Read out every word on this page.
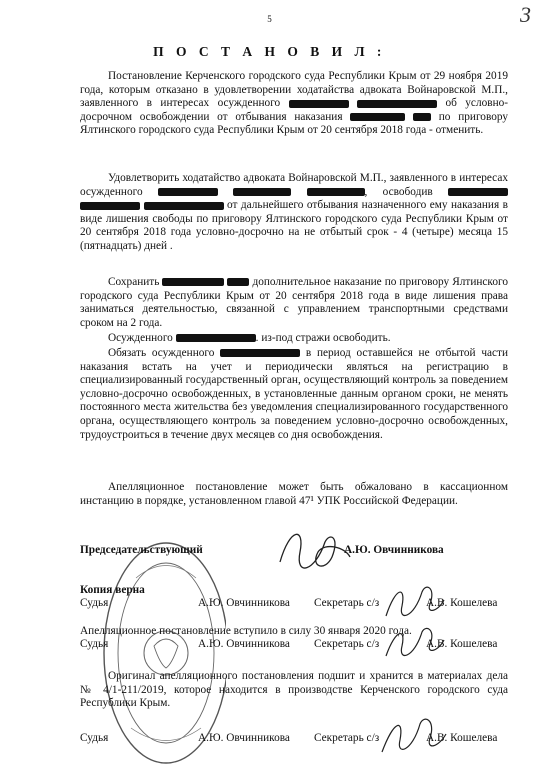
5	3
П О С Т А Н О В И Л :

Постановление Керченского городского суда Республики Крым от 29 ноября 2019 года, которым отказано в удовлетворении ходатайства адвоката Войнаровской М.П., заявленного в интересах осужденного	об условно-досрочном освобождении от отбывания наказания	по приговору Ялтинского городского суда Республики Крым от 20 сентября 2018 года - отменить.

Удовлетворить ходатайство адвоката Войнаровской М.П., заявленного в интересах осужденного	, освободив    от дальнейшего отбывания назначенного ему наказания в виде лишения свободы по приговору Ялтинского городского суда Республики Крым от 20 сентября 2018 года условно-досрочно на не отбытый срок - 4 (четыре) месяца 15 (пятнадцать) дней .

Сохранить	дополнительное наказание по приговору Ялтинского городского суда Республики Крым от 20 сентября 2018 года в виде лишения права заниматься деятельностью, связанной с управлением транспортными средствами сроком на 2 года.

Осужденного	. из-под стражи освободить.

Обязать осужденного	в период оставшейся не отбытой части наказания встать на учет и периодически являться на регистрацию в специализированный государственный орган, осуществляющий контроль за поведением условно-досрочно освобожденных, в установленные данным органом сроки, не менять постоянного места жительства без уведомления специализированного государственного органа, осуществляющего контроль за поведением условно-досрочно освобожденных, трудоустроиться в течение двух месяцев со дня освобождения.

Апелляционное постановление может быть обжаловано в кассационном инстанцию в порядке, установленном главой 47¹ УПК Российской Федерации.

Председательствующий	А.Ю. Овчинникова
Копия верна
Судья	А.Ю. Овчинникова Секретарь с/з	А.В. Кошелева
Апелляционное постановление вступило в силу 30 января 2020 года.
Судья	А.Ю. Овчинникова Секретарь с/з	А.В. Кошелева

Оригинал апелляционного постановления подшит и хранится в материалах дела № 4/1-211/2019, которое находится в производстве Керченского городского суда Республики Крым.

Судья	А.Ю. Овчинникова Секретарь с/з	А.В. Кошелева
